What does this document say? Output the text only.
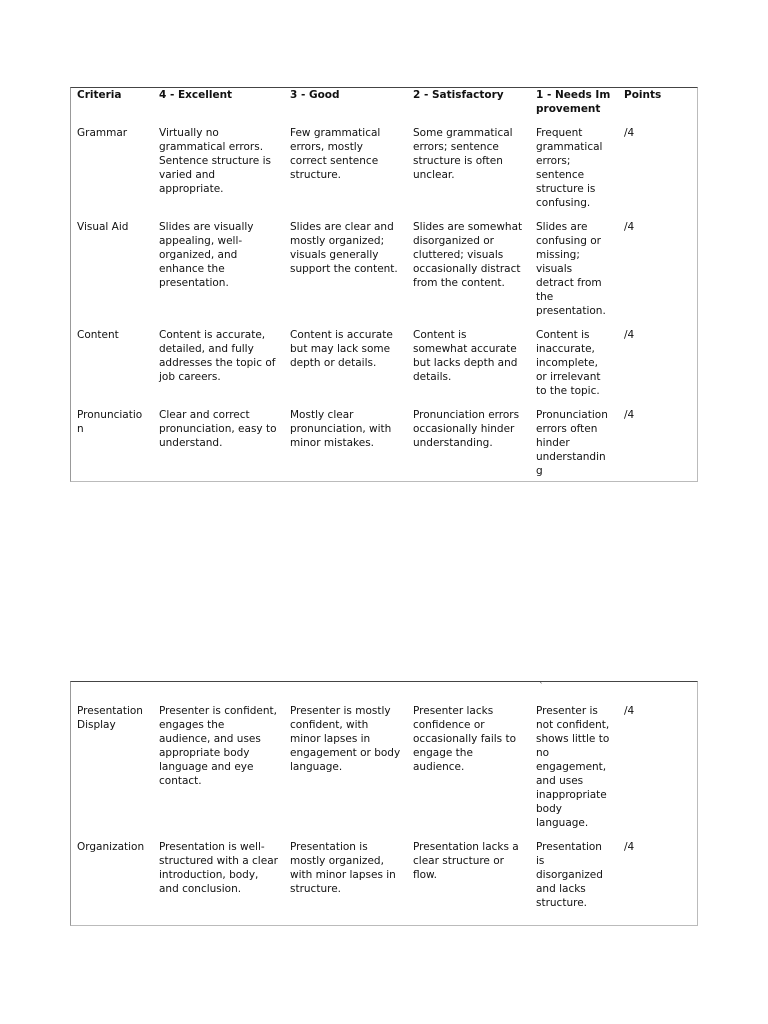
Criteria	4 - Excellent	3 - Good	2 - Satisfactory	1 - Needs Improvement	Points
Grammar	Virtually no grammatical errors. Sentence structure is varied and appropriate.	Few grammatical errors, mostly correct sentence structure.	Some grammatical errors; sentence structure is often unclear.	Frequent grammatical errors; sentence structure is confusing.	/4
Visual Aid	Slides are visually appealing, well-organized, and enhance the presentation.	Slides are clear and mostly organized; visuals generally support the content.	Slides are somewhat disorganized or cluttered; visuals occasionally distract from the content.	Slides are confusing or missing; visuals detract from the presentation.	/4
Content	Content is accurate, detailed, and fully addresses the topic of job careers.	Content is accurate but may lack some depth or details.	Content is somewhat accurate but lacks depth and details.	Content is inaccurate, incomplete, or irrelevant to the topic.	/4
Pronunciation	Clear and correct pronunciation, easy to understand.	Mostly clear pronunciation, with minor mistakes.	Pronunciation errors occasionally hinder understanding.	Pronunciation errors often hinder understanding	/4
`
Presentation Display	Presenter is confident, engages the audience, and uses appropriate body language and eye contact.	Presenter is mostly confident, with minor lapses in engagement or body language.	Presenter lacks confidence or occasionally fails to engage the audience.	Presenter is not confident, shows little to no engagement, and uses inappropriate body language.	/4
Organization	Presentation is well-structured with a clear introduction, body, and conclusion.	Presentation is mostly organized, with minor lapses in structure.	Presentation lacks a clear structure or flow.	Presentation is disorganized and lacks structure.	/4
